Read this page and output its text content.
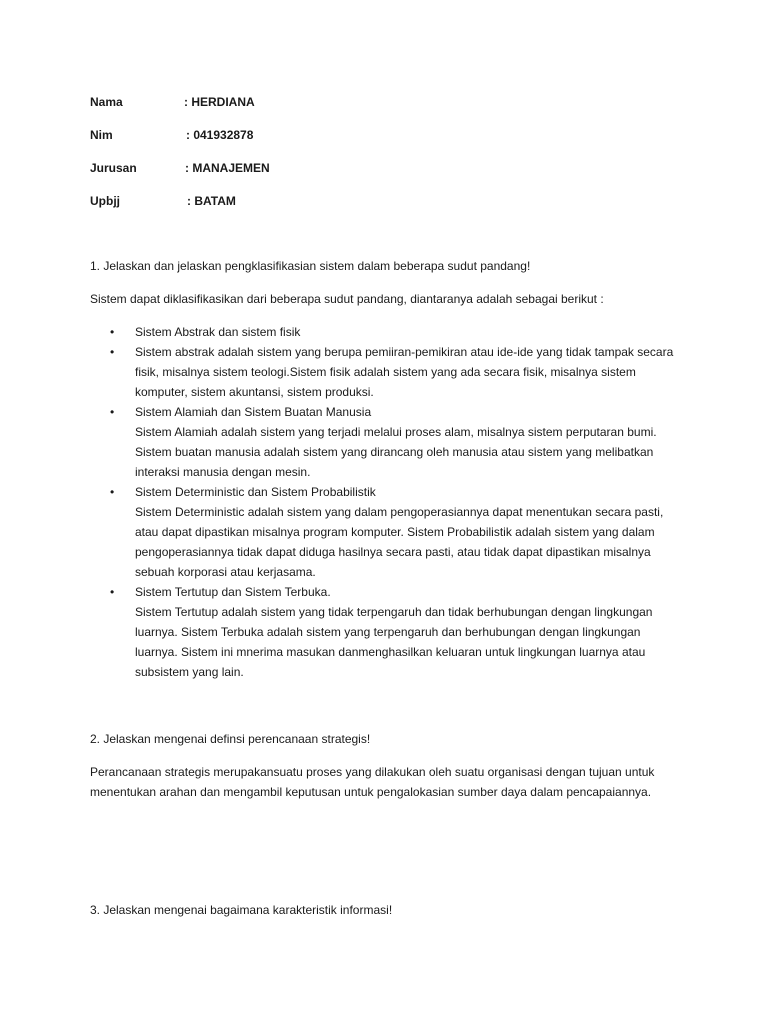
Nama	: HERDIANA
Nim	: 041932878
Jurusan	: MANAJEMEN
Upbjj	: BATAM
1. Jelaskan dan jelaskan pengklasifikasian sistem dalam beberapa sudut pandang!
Sistem dapat diklasifikasikan dari beberapa sudut pandang, diantaranya adalah sebagai berikut :
• Sistem Abstrak dan sistem fisik
• Sistem abstrak adalah sistem yang berupa pemiiran-pemikiran atau ide-ide yang tidak tampak secara fisik, misalnya sistem teologi.Sistem fisik adalah sistem yang ada secara fisik, misalnya sistem komputer, sistem akuntansi, sistem produksi.
• Sistem Alamiah dan Sistem Buatan Manusia
Sistem Alamiah adalah sistem yang terjadi melalui proses alam, misalnya sistem perputaran bumi. Sistem buatan manusia adalah sistem yang dirancang oleh manusia atau sistem yang melibatkan interaksi manusia dengan mesin.
• Sistem Deterministic dan Sistem Probabilistik
Sistem Deterministic adalah sistem yang dalam pengoperasiannya dapat menentukan secara pasti, atau dapat dipastikan misalnya program komputer. Sistem Probabilistik adalah sistem yang dalam pengoperasiannya tidak dapat diduga hasilnya secara pasti, atau tidak dapat dipastikan misalnya sebuah korporasi atau kerjasama.
• Sistem Tertutup dan Sistem Terbuka.
Sistem Tertutup adalah sistem yang tidak terpengaruh dan tidak berhubungan dengan lingkungan luarnya. Sistem Terbuka adalah sistem yang terpengaruh dan berhubungan dengan lingkungan luarnya. Sistem ini mnerima masukan danmenghasilkan keluaran untuk lingkungan luarnya atau subsistem yang lain.
2. Jelaskan mengenai definsi perencanaan strategis!
Perancanaan strategis merupakansuatu proses yang dilakukan oleh suatu organisasi dengan tujuan untuk menentukan arahan dan mengambil keputusan untuk pengalokasian sumber daya dalam pencapaiannya.
3. Jelaskan mengenai bagaimana karakteristik informasi!
